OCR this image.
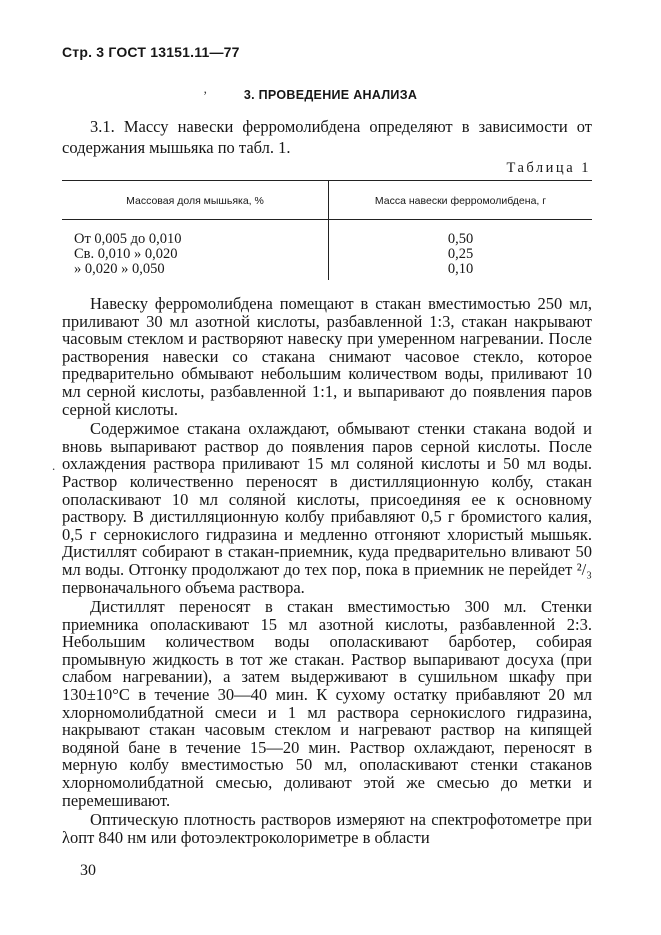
Стр. 3 ГОСТ 13151.11—77
ʼ	3. ПРОВЕДЕНИЕ АНАЛИЗА

3.1. Массу навески ферромолибдена определяют в зависимости от содержания мышьяка по табл. 1.

Таблица 1
Массовая доля мышьяка, %	Масса навески ферромолибдена, г
От 0,005 до 0,010
Св. 0,010 » 0,020
» 0,020 » 0,050
0,50
0,25
0,10

Навеску ферромолибдена помещают в стакан вместимостью 250 мл, приливают 30 мл азотной кислоты, разбавленной 1:3, стакан накрывают часовым стеклом и растворяют навеску при умеренном нагревании. После растворения навески со стакана снимают часовое стекло, которое предварительно обмывают небольшим количеством воды, приливают 10 мл серной кислоты, разбавленной 1:1, и выпаривают до появления паров серной кислоты.

Содержимое стакана охлаждают, обмывают стенки стакана водой и вновь выпаривают раствор до появления паров серной кислоты. После охлаждения раствора приливают 15 мл соляной кислоты и 50 мл воды. Раствор количественно переносят в дистилляционную колбу, стакан ополаскивают 10 мл соляной кислоты, присоединяя ее к основному раствору. В дистилляционную колбу прибавляют 0,5 г бромистого калия, 0,5 г сернокислого гидразина и медленно отгоняют хлористый мышьяк. Дистиллят собирают в стакан-приемник, куда предварительно вливают 50 мл воды. Отгонку продолжают до тех пор, пока в приемник не перейдет ²/₃ первоначального объема раствора.

Дистиллят переносят в стакан вместимостью 300 мл. Стенки приемника ополаскивают 15 мл азотной кислоты, разбавленной 2:3. Небольшим количеством воды ополаскивают барботер, собирая промывную жидкость в тот же стакан. Раствор выпаривают досуха (при слабом нагревании), а затем выдерживают в сушильном шкафу при 130±10°С в течение 30—40 мин. К сухому остатку прибавляют 20 мл хлорномолибдатной смеси и 1 мл раствора сернокислого гидразина, накрывают стакан часовым стеклом и нагревают раствор на кипящей водяной бане в течение 15—20 мин. Раствор охлаждают, переносят в мерную колбу вместимостью 50 мл, ополаскивают стенки стаканов хлорномолибдатной смесью, доливают этой же смесью до метки и перемешивают.

Оптическую плотность растворов измеряют на спектрофотометре при λопт 840 нм или фотоэлектроколориметре в области

.
30
